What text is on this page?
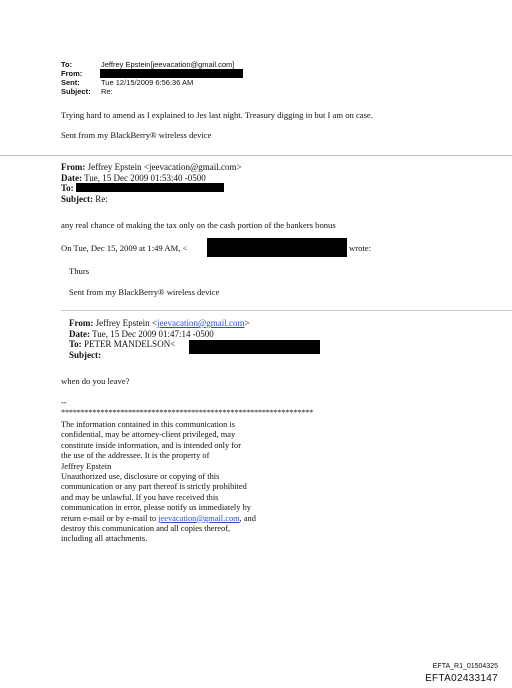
To:	Jeffrey Epstein[jeevacation@gmail.com]
From:
Sent:	Tue 12/15/2009 6:56:36 AM
Subject: Re:
Trying hard to amend as I explained to Jes last night. Treasury digging in but I am on case.
Sent from my BlackBerry® wireless device
From: Jeffrey Epstein <jeevacation@gmail.com>
Date: Tue, 15 Dec 2009 01:53:40 -0500
To:
Subject: Re:
any real chance of making the tax only on the cash portion of the bankers bonus
On Tue, Dec 15, 2009 at 1:49 AM, <	wrote:
Thurs
Sent from my BlackBerry® wireless device
From: Jeffrey Epstein <jeevacation@gmail.com>
Date: Tue, 15 Dec 2009 01:47:14 -0500
To: PETER MANDELSON<
Subject:
when do you leave?
--
****************************************************************
The information contained in this communication is
confidential, may be attorney-client privileged, may
constitute inside information, and is intended only for
the use of the addressee. It is the property of
Jeffrey Epstein
Unauthorized use, disclosure or copying of this
communication or any part thereof is strictly prohibited
and may be unlawful. If you have received this
communication in error, please notify us immediately by
return e-mail or by e-mail to jeevacation@gmail.com, and
destroy this communication and all copies thereof,
including all attachments.
EFTA_R1_01504325
EFTA02433147
